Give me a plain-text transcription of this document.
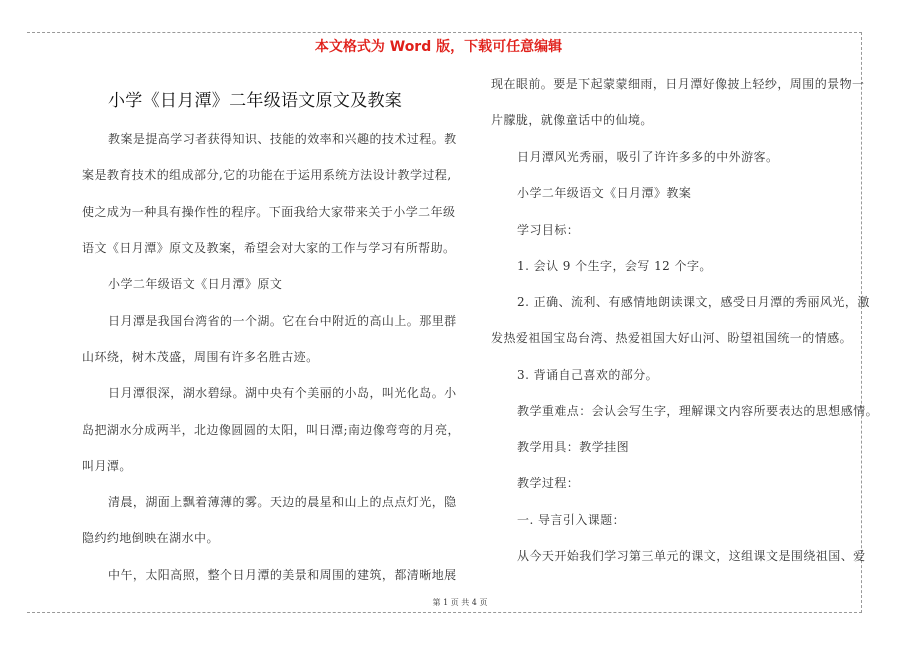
本文格式为 Word 版，下载可任意编辑
小学《日月潭》二年级语文原文及教案
教案是提高学习者获得知识、技能的效率和兴趣的技术过程。教
案是教育技术的组成部分,它的功能在于运用系统方法设计教学过程,
使之成为一种具有操作性的程序。下面我给大家带来关于小学二年级
语文《日月潭》原文及教案，希望会对大家的工作与学习有所帮助。
小学二年级语文《日月潭》原文
日月潭是我国台湾省的一个湖。它在台中附近的高山上。那里群
山环绕，树木茂盛，周围有许多名胜古迹。
日月潭很深，湖水碧绿。湖中央有个美丽的小岛，叫光化岛。小
岛把湖水分成两半，北边像圆圆的太阳，叫日潭;南边像弯弯的月亮，
叫月潭。
清晨，湖面上飘着薄薄的雾。天边的晨星和山上的点点灯光，隐
隐约约地倒映在湖水中。
中午，太阳高照，整个日月潭的美景和周围的建筑，都清晰地展
现在眼前。要是下起蒙蒙细雨，日月潭好像披上轻纱，周围的景物一
片朦胧，就像童话中的仙境。
日月潭风光秀丽，吸引了许许多多的中外游客。
小学二年级语文《日月潭》教案
学习目标：
1. 会认 9 个生字，会写 12 个字。
2. 正确、流利、有感情地朗读课文，感受日月潭的秀丽风光，激
发热爱祖国宝岛台湾、热爱祖国大好山河、盼望祖国统一的情感。
3. 背诵自己喜欢的部分。
教学重难点：会认会写生字，理解课文内容所要表达的思想感情。
教学用具：教学挂图
教学过程：
一. 导言引入课题：
从今天开始我们学习第三单元的课文，这组课文是围绕祖国、爱
第 1 页 共 4 页
